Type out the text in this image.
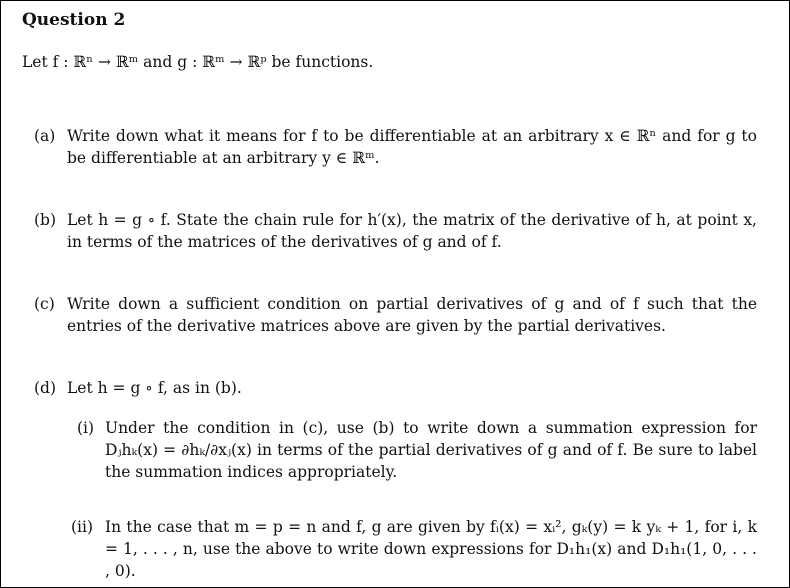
Question 2
Let f : ℝⁿ → ℝᵐ and g : ℝᵐ → ℝᵖ be functions.
(a) Write down what it means for f to be differentiable at an arbitrary x ∈ ℝⁿ and for g to be differentiable at an arbitrary y ∈ ℝᵐ.
(b) Let h = g ∘ f. State the chain rule for h′(x), the matrix of the derivative of h, at point x, in terms of the matrices of the derivatives of g and of f.
(c) Write down a sufficient condition on partial derivatives of g and of f such that the entries of the derivative matrices above are given by the partial derivatives.
(d) Let h = g ∘ f, as in (b).
(i) Under the condition in (c), use (b) to write down a summation expression for Dⱼhₖ(x) = ∂hₖ/∂xⱼ(x) in terms of the partial derivatives of g and of f. Be sure to label the summation indices appropriately.
(ii) In the case that m = p = n and f, g are given by fᵢ(x) = xᵢ², gₖ(y) = k yₖ + 1, for i, k = 1, . . . , n, use the above to write down expressions for D₁h₁(x) and D₁h₁(1, 0, . . . , 0).
